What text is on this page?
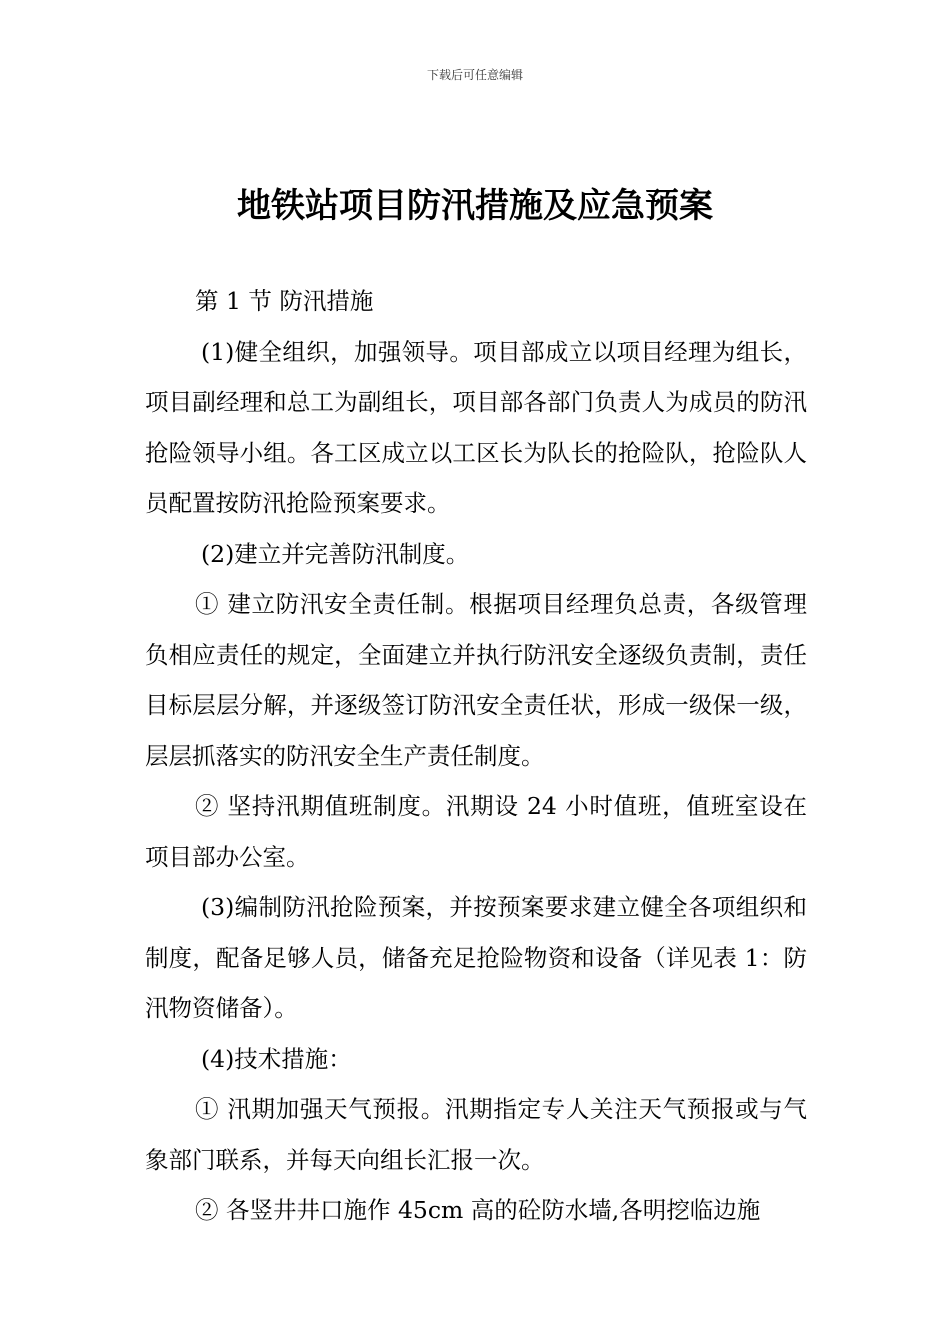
下载后可任意编辑
地铁站项目防汛措施及应急预案

第 1 节 防汛措施

(1)健全组织，加强领导。项目部成立以项目经理为组长，项目副经理和总工为副组长，项目部各部门负责人为成员的防汛抢险领导小组。各工区成立以工区长为队长的抢险队，抢险队人员配置按防汛抢险预案要求。

(2)建立并完善防汛制度。

① 建立防汛安全责任制。根据项目经理负总责，各级管理负相应责任的规定，全面建立并执行防汛安全逐级负责制，责任目标层层分解，并逐级签订防汛安全责任状，形成一级保一级，层层抓落实的防汛安全生产责任制度。

② 坚持汛期值班制度。汛期设 24 小时值班，值班室设在项目部办公室。

(3)编制防汛抢险预案，并按预案要求建立健全各项组织和制度，配备足够人员，储备充足抢险物资和设备（详见表 1：防汛物资储备）。

(4)技术措施：

① 汛期加强天气预报。汛期指定专人关注天气预报或与气象部门联系，并每天向组长汇报一次。

② 各竖井井口施作 45cm 高的砼防水墙,各明挖临边施
